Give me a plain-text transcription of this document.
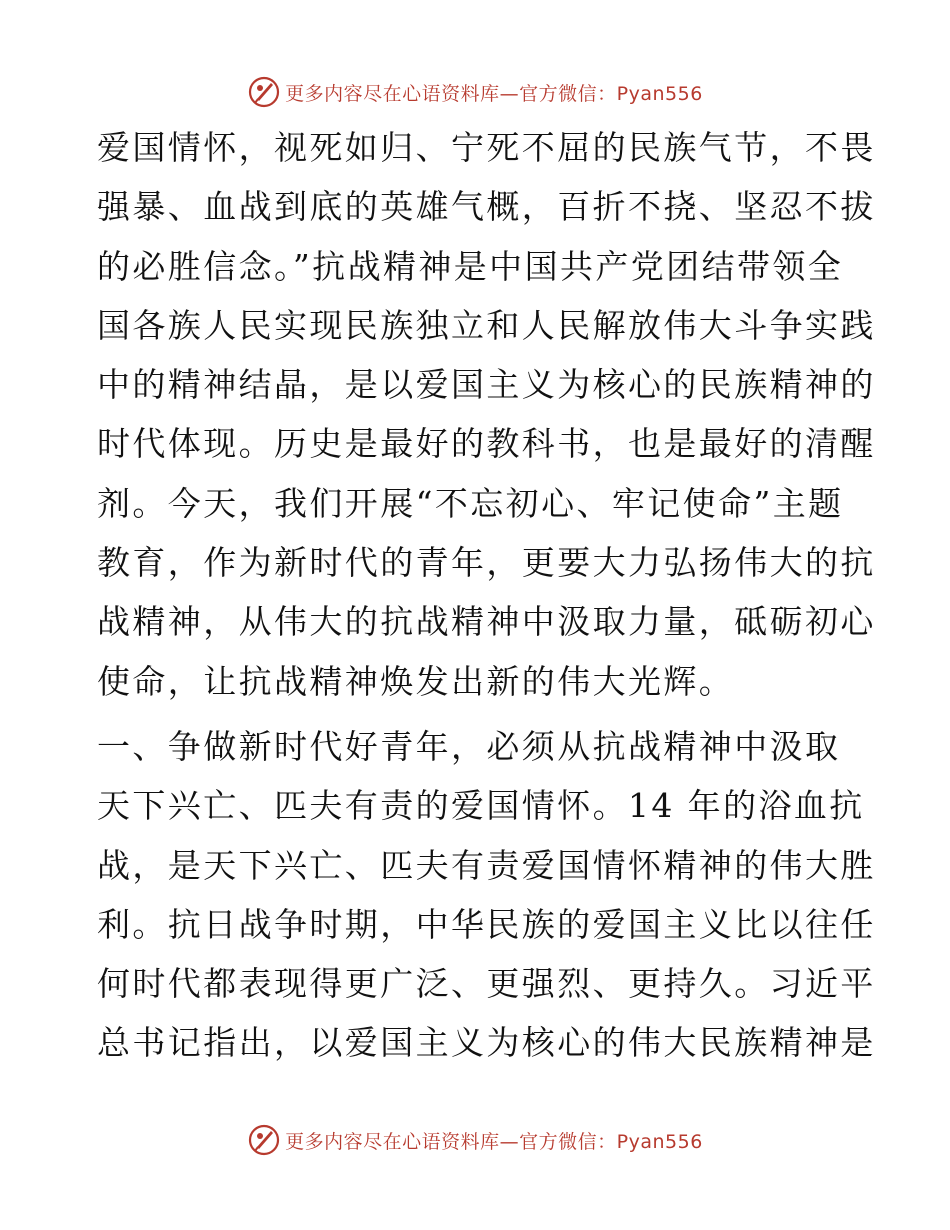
更多内容尽在心语资料库—官方微信：Pyan556

爱国情怀，视死如归、宁死不屈的民族气节，不畏
强暴、血战到底的英雄气概，百折不挠、坚忍不拔
的必胜信念。”抗战精神是中国共产党团结带领全
国各族人民实现民族独立和人民解放伟大斗争实践
中的精神结晶，是以爱国主义为核心的民族精神的
时代体现。历史是最好的教科书，也是最好的清醒
剂。今天，我们开展“不忘初心、牢记使命”主题
教育，作为新时代的青年，更要大力弘扬伟大的抗
战精神，从伟大的抗战精神中汲取力量，砥砺初心
使命，让抗战精神焕发出新的伟大光辉。

一、争做新时代好青年，必须从抗战精神中汲取
天下兴亡、匹夫有责的爱国情怀。14 年的浴血抗
战，是天下兴亡、匹夫有责爱国情怀精神的伟大胜
利。抗日战争时期，中华民族的爱国主义比以往任
何时代都表现得更广泛、更强烈、更持久。习近平
总书记指出，以爱国主义为核心的伟大民族精神是

更多内容尽在心语资料库—官方微信：Pyan556
